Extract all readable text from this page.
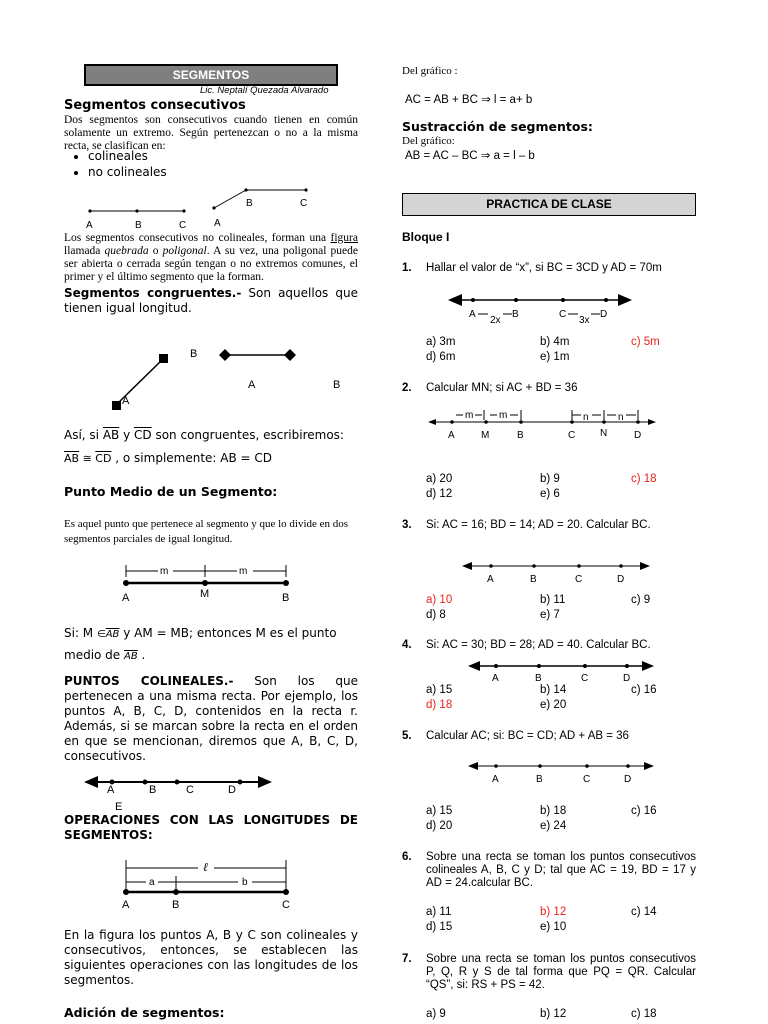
SEGMENTOS
Lic. Neptalí Quezada Alvarado
Segmentos consecutivos
Dos segmentos son consecutivos cuando tienen en común solamente un extremo. Según pertenezcan o no a la misma recta, se clasifican en:
• colineales
• no colineales
A	B	C	A
B	C
Los segmentos consecutivos no colineales, forman una figura llamada quebrada o poligonal. A su vez, una poligonal puede ser abierta o cerrada según tengan o no extremos comunes, el primer y el último segmento que la forman.
Segmentos congruentes.- Son aquellos que tienen igual longitud.
B
A
A	B
Así, si $\overline{AB}$ y $\overline{CD}$ son congruentes, escribiremos:
$\overline{AB}$ ≅ $\overline{CD}$ , o simplemente: AB = CD
Punto Medio de un Segmento:
Es aquel punto que pertenece al segmento y que lo divide en dos segmentos parciales de igual longitud.
m	m
A	M	B
Si: M $\in\overline{AB}$ y AM = MB; entonces M es el punto
medio de $\overline{AB}$ .
PUNTOS COLINEALES.- Son los que pertenecen a una misma recta. Por ejemplo, los puntos A, B, C, D, contenidos en la recta r. Además, si se marcan sobre la recta en el orden en que se mencionan, diremos que A, B, C, D, consecutivos.
A	B	C	D
E
OPERACIONES CON LAS LONGITUDES DE SEGMENTOS:
ℓ
a	b
A	B	C
En la figura los puntos A, B y C son colineales y consecutivos, entonces, se establecen las siguientes operaciones con las longitudes de los segmentos.
Adición de segmentos:
Del gráfico :
AC = AB + BC ⇒ l = a+ b
Sustracción de segmentos:
Del gráfico:
AB = AC – BC ⇒ a = l – b
PRACTICA DE CLASE
Bloque I
1. Hallar el valor de “x”, si BC = 3CD y AD = 70m
A	B	C	D
2x	3x
a) 3m	b) 4m	c) 5m
d) 6m	e) 1m
2. Calcular MN; si AC + BD = 36
m	m	n	n
A	M	B	C N	D
a) 20	b) 9	c) 18
d) 12	e) 6
3. Si: AC = 16; BD = 14; AD = 20. Calcular BC.
A	B	C	D
a) 10	b) 11	c) 9
d) 8	e) 7
4. Si: AC = 30; BD = 28; AD = 40. Calcular BC.
A	B	C	D
a) 15	b) 14	c) 16
d) 18	e) 20
5. Calcular AC; si: BC = CD; AD + AB = 36
A	B	C	D
a) 15	b) 18	c) 16
d) 20	e) 24
6. Sobre una recta se toman los puntos consecutivos colineales A, B, C y D; tal que AC = 19, BD = 17 y AD = 24.calcular BC.
a) 11	b) 12	c) 14
d) 15	e) 10
7. Sobre una recta se toman los puntos consecutivos P, Q, R y S de tal forma que PQ = QR. Calcular “QS”, si: RS + PS = 42.
a) 9	b) 12	c) 18
